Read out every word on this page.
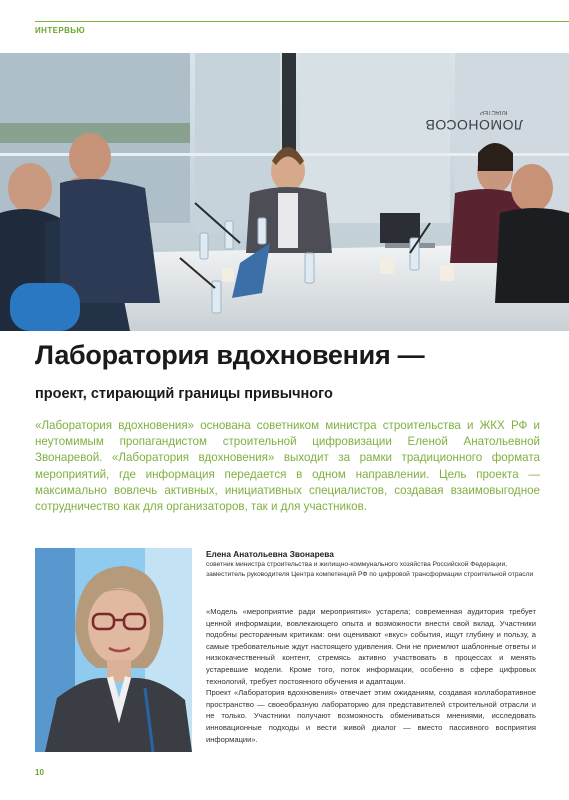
ИНТЕРВЬЮ
КЛАСТЕР
ЛОМОНОСОВ
Лаборатория вдохновения —
проект, стирающий границы привычного

«Лаборатория вдохновения» основана советником министра строительства и ЖКХ РФ и неутомимым пропагандистом строительной цифровизации Еленой Анатольевной Звонаревой. «Лаборатория вдохновения» выходит за рамки традиционного формата мероприятий, где информация передается в одном направлении. Цель проекта — максимально вовлечь активных, инициативных специалистов, создавая взаимовыгодное сотрудничество как для организаторов, так и для участников.

Елена Анатольевна Звонарева
советник министра строительства и жилищно-коммунального хозяйства Российской Федерации, заместитель руководителя Центра компетенций РФ по цифровой трансформации строительной отрасли

«Модель «мероприятие ради мероприятия» устарела; современная аудитория требует ценной информации, вовлекающего опыта и возможности внести свой вклад. Участники подобны ресторанным критикам: они оценивают «вкус» события, ищут глубину и пользу, а самые требовательные ждут настоящего удивления. Они не приемлют шаблонные ответы и низкокачественный контент, стремясь активно участвовать в процессах и менять устаревшие модели. Кроме того, поток информации, особенно в сфере цифровых технологий, требует постоянного обучения и адаптации.

Проект «Лаборатория вдохновения» отвечает этим ожиданиям, создавая коллаборативное пространство — своеобразную лабораторию для представителей строительной отрасли и не только. Участники получают возможность обмениваться мнениями, исследовать инновационные подходы и вести живой диалог — вместо пассивного восприятия информации».

10
